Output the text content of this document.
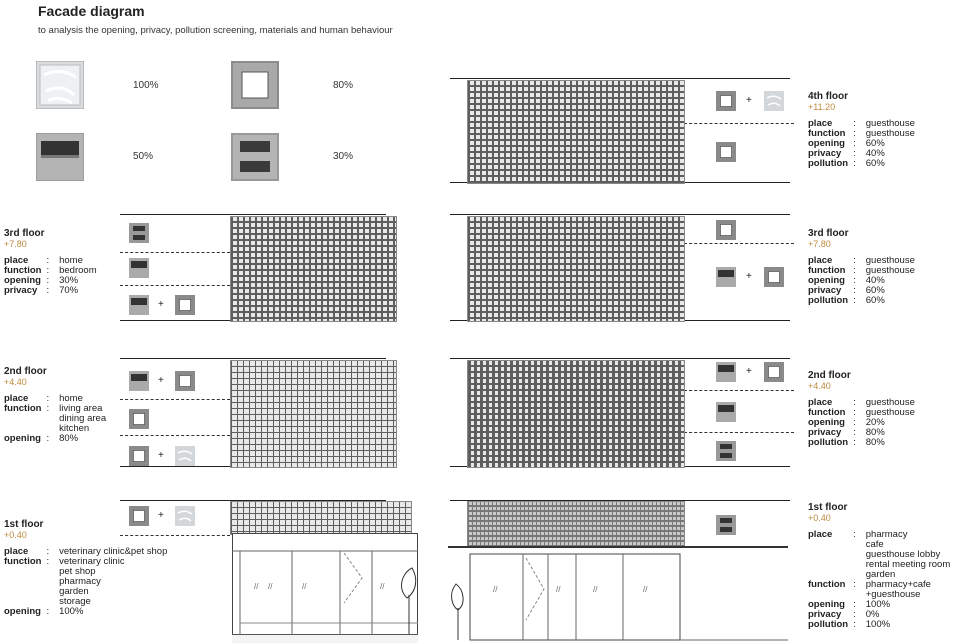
Facade diagram
to analysis the opening, privacy, pollution screening, materials and human behaviour
100%	80%
50%	30%
+
+
+
+
// //	//	//
+
+
+
//	//	//	//
3rd floor
+7.80
place	:	home
function	:	bedroom
opening	:	30%
privacy	:	70%
2nd floor
+4.40
place	:	home
function	:	living area
		dining area
		kitchen
opening	:	80%
1st floor
+0.40
place	:	veterinary clinic&pet shop
function	:	veterinary clinic
		pet shop
		pharmacy
		garden
		storage
opening	:	100%
4th floor
+11.20
place	:	guesthouse
function	:	guesthouse
opening	:	60%
privacy	:	40%
pollution	:	60%
3rd floor
+7.80
place	:	guesthouse
function	:	guesthouse
opening	:	40%
privacy	:	60%
pollution	:	60%
2nd floor
+4.40
place	:	guesthouse
function	:	guesthouse
opening	:	20%
privacy	:	80%
pollution	:	80%
1st floor
+0.40
place	:	pharmacy
		cafe
		guesthouse lobby
		rental meeting room
		garden
function	:	pharmacy+cafe
		+guesthouse
opening	:	100%
privacy	:	0%
pollution	:	100%
